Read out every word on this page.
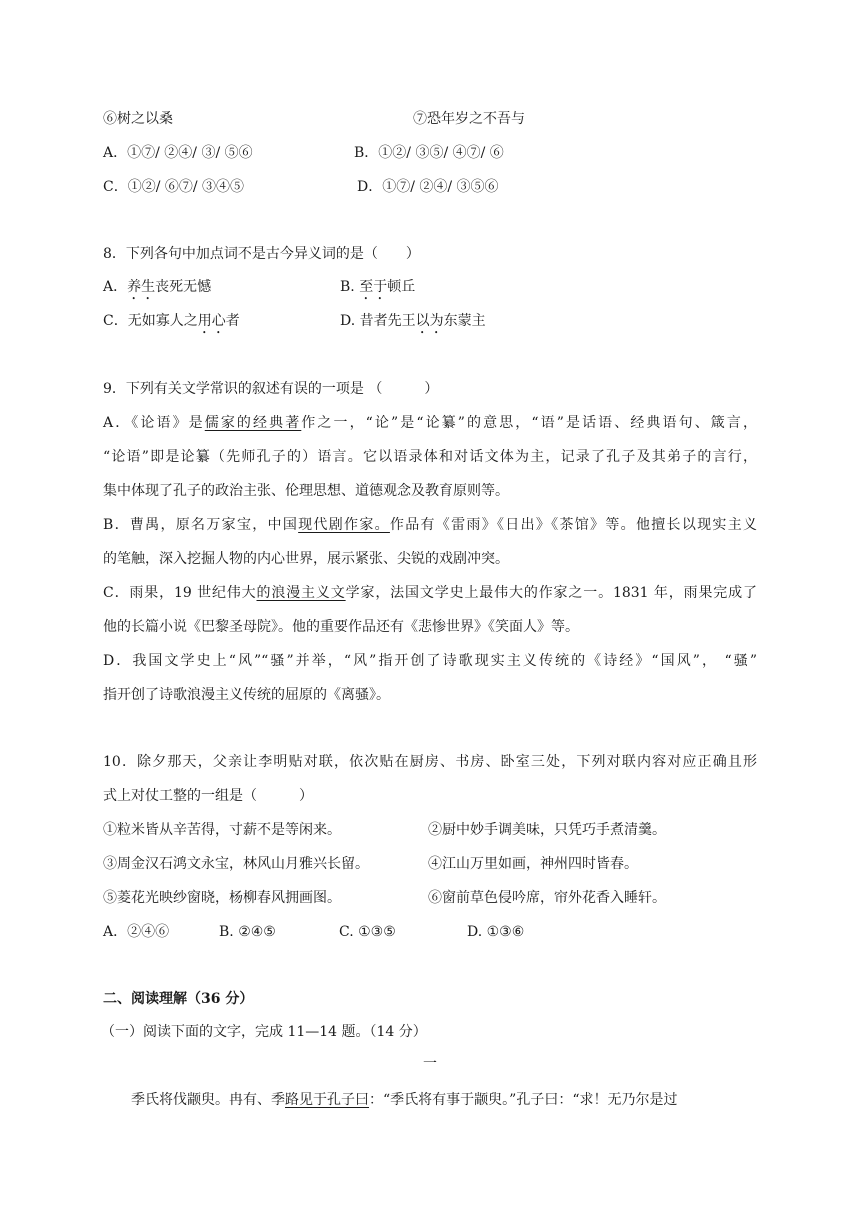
⑥树之以桑	⑦恐年岁之不吾与
A．①⑦/ ②④/ ③/ ⑤⑥	B．①②/ ③⑤/ ④⑦/ ⑥
C．①②/ ⑥⑦/ ③④⑤	D．①⑦/ ②④/ ③⑤⑥
8．下列各句中加点词不是古今异义词的是（　　）
A．养生丧死无憾	B. 至于顿丘
C．无如寡人之用心者	D. 昔者先王以为东蒙主
9．下列有关文学常识的叙述有误的一项是 （　　　）
A．《论语》是儒家的经典著作之一，“论”是“论纂”的意思，“语”是话语、经典语句、箴言，
“论语”即是论纂（先师孔子的）语言。它以语录体和对话文体为主，记录了孔子及其弟子的言行，
集中体现了孔子的政治主张、伦理思想、道德观念及教育原则等。
B．曹禺，原名万家宝，中国现代剧作家。作品有《雷雨》《日出》《茶馆》等。他擅长以现实主义
的笔触，深入挖掘人物的内心世界，展示紧张、尖锐的戏剧冲突。
C．雨果，19 世纪伟大的浪漫主义文学家，法国文学史上最伟大的作家之一。1831 年，雨果完成了
他的长篇小说《巴黎圣母院》。他的重要作品还有《悲惨世界》《笑面人》等。
D．我国文学史上“风”“骚”并举，“风”指开创了诗歌现实主义传统的《诗经》“国风”， “骚”
指开创了诗歌浪漫主义传统的屈原的《离骚》。
10．除夕那天，父亲让李明贴对联，依次贴在厨房、书房、卧室三处，下列对联内容对应正确且形
式上对仗工整的一组是（　　　）
①粒米皆从辛苦得，寸薪不是等闲来。	②厨中妙手调美味，只凭巧手煮清羹。
③周金汉石鸿文永宝，林风山月雅兴长留。	④江山万里如画，神州四时皆春。
⑤菱花光映纱窗晓，杨柳春风拥画图。	⑥窗前草色侵吟席，帘外花香入睡轩。
A．②④⑥	B. ②④⑤	C. ①③⑤	D. ①③⑥
二、阅读理解（36 分）
（一）阅读下面的文字，完成 11—14 题。（14 分）
一
季氏将伐颛臾。冉有、季路见于孔子曰：“季氏将有事于颛臾。”孔子曰：“求！无乃尔是过
